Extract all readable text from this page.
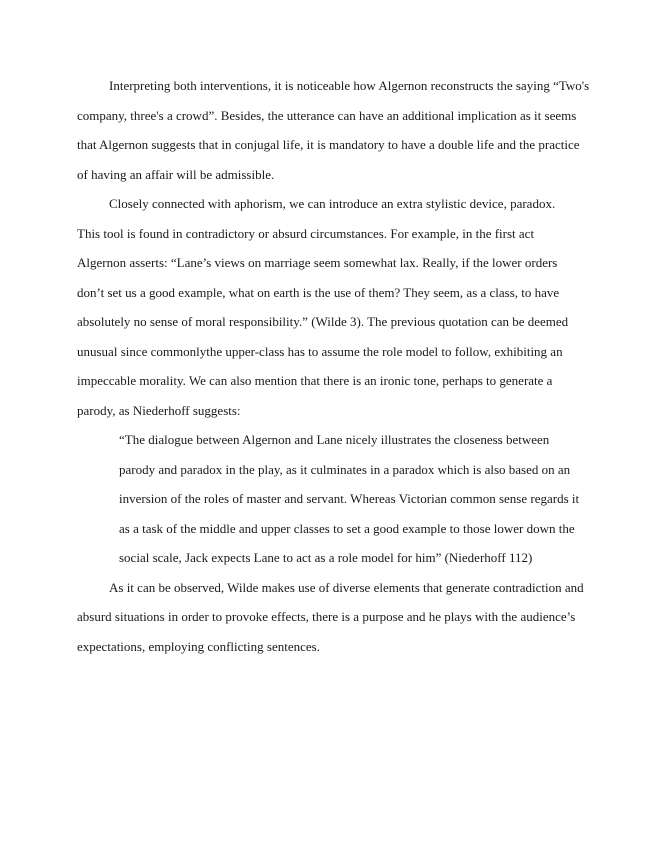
Interpreting both interventions, it is noticeable how Algernon reconstructs the saying “Two's
company, three's a crowd”. Besides, the utterance can have an additional implication as it seems
that Algernon suggests that in conjugal life, it is mandatory to have a double life and the practice
of having an affair will be admissible.
Closely connected with aphorism, we can introduce an extra stylistic device, paradox.
This tool is found in contradictory or absurd circumstances. For example, in the first act
Algernon asserts: “Lane’s views on marriage seem somewhat lax. Really, if the lower orders
don’t set us a good example, what on earth is the use of them? They seem, as a class, to have
absolutely no sense of moral responsibility.” (Wilde 3). The previous quotation can be deemed
unusual since commonlythe upper-class has to assume the role model to follow, exhibiting an
impeccable morality. We can also mention that there is an ironic tone, perhaps to generate a
parody, as Niederhoff suggests:
“The dialogue between Algernon and Lane nicely illustrates the closeness between
parody and paradox in the play, as it culminates in a paradox which is also based on an
inversion of the roles of master and servant. Whereas Victorian common sense regards it
as a task of the middle and upper classes to set a good example to those lower down the
social scale, Jack expects Lane to act as a role model for him” (Niederhoff 112)
As it can be observed, Wilde makes use of diverse elements that generate contradiction and
absurd situations in order to provoke effects, there is a purpose and he plays with the audience’s
expectations, employing conflicting sentences.
